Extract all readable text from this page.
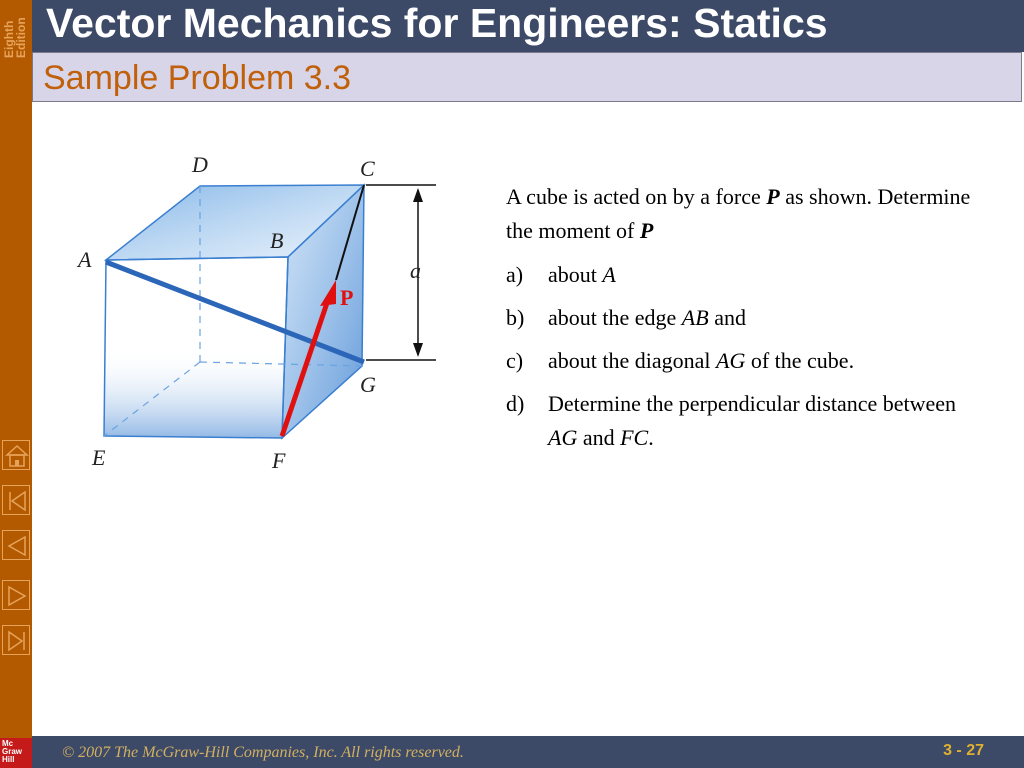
Eighth
Edition
Mc
Graw
Hill
Vector Mechanics for Engineers: Statics
Sample Problem 3.3
A
B
C
D
E	F
G
a
P

A cube is acted on by a force P as shown. Determine the moment of P

a) about A
b) about the edge AB and
c) about the diagonal AG of the cube.
d) Determine the perpendicular distance between AG and FC.
© 2007 The McGraw-Hill Companies, Inc. All rights reserved.	3 - 27
